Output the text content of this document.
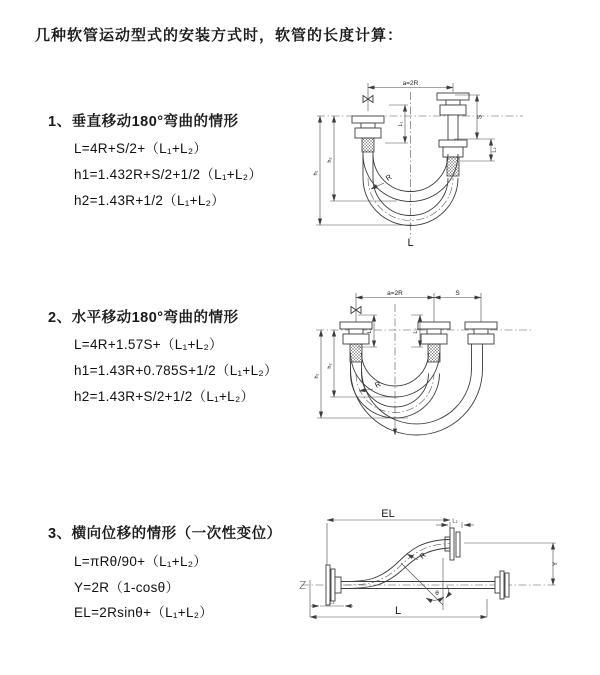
几种软管运动型式的安装方式时，软管的长度计算：
1、垂直移动180°弯曲的情形
L=4R+S/2+（L₁+L₂）
h1=1.432R+S/2+1/2（L₁+L₂）
h2=1.43R+1/2（L₁+L₂）
2、水平移动180°弯曲的情形
L=4R+1.57S+（L₁+L₂）
h1=1.43R+0.785S+1/2（L₁+L₂）
h2=1.43R+S/2+1/2（L₁+L₂）
3、横向位移的情形（一次性变位）
L=πRθ/90+（L₁+L₂）
Y=2R（1-cosθ）
EL=2Rsinθ+（L₁+L₂）
a=2R
L₁
S
L₂
h₂
h₁	R
L
a=2R	S
L₁	L₂
h₂
h₁
R
EL
L₂
Y
θ
R
L₁
L
